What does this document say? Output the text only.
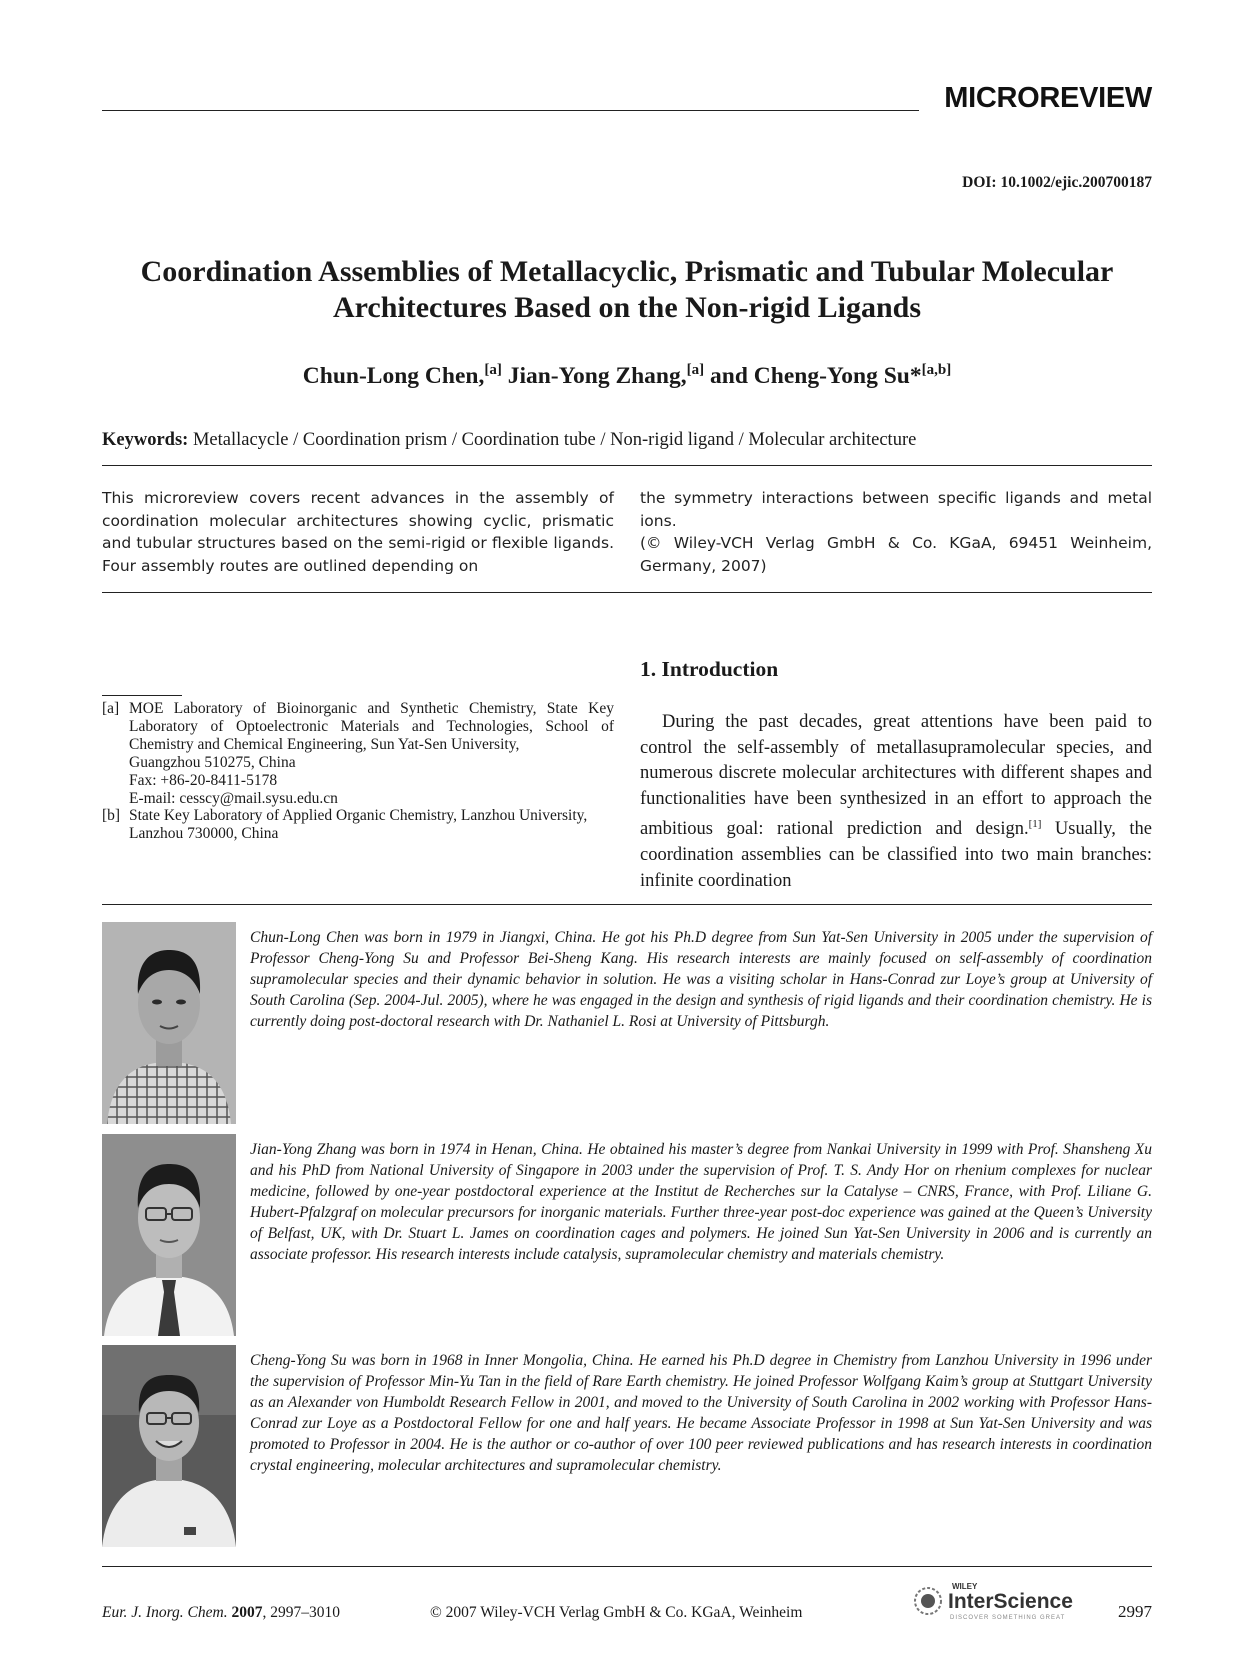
MICROREVIEW
DOI: 10.1002/ejic.200700187
Coordination Assemblies of Metallacyclic, Prismatic and Tubular Molecular Architectures Based on the Non-rigid Ligands
Chun-Long Chen,[a] Jian-Yong Zhang,[a] and Cheng-Yong Su*[a,b]
Keywords: Metallacycle / Coordination prism / Coordination tube / Non-rigid ligand / Molecular architecture
This microreview covers recent advances in the assembly of coordination molecular architectures showing cyclic, prismatic and tubular structures based on the semi-rigid or flexible ligands. Four assembly routes are outlined depending on
the symmetry interactions between specific ligands and metal ions.
(© Wiley-VCH Verlag GmbH & Co. KGaA, 69451 Weinheim, Germany, 2007)
1. Introduction
During the past decades, great attentions have been paid to control the self-assembly of metallasupramolecular species, and numerous discrete molecular architectures with different shapes and functionalities have been synthesized in an effort to approach the ambitious goal: rational prediction and design.[1] Usually, the coordination assemblies can be classified into two main branches: infinite coordination
[a] MOE Laboratory of Bioinorganic and Synthetic Chemistry, State Key Laboratory of Optoelectronic Materials and Technologies, School of Chemistry and Chemical Engineering, Sun Yat-Sen University,
Guangzhou 510275, China
Fax: +86-20-8411-5178
E-mail: cesscy@mail.sysu.edu.cn
[b] State Key Laboratory of Applied Organic Chemistry, Lanzhou University,
Lanzhou 730000, China
Chun-Long Chen was born in 1979 in Jiangxi, China. He got his Ph.D degree from Sun Yat-Sen University in 2005 under the supervision of Professor Cheng-Yong Su and Professor Bei-Sheng Kang. His research interests are mainly focused on self-assembly of coordination supramolecular species and their dynamic behavior in solution. He was a visiting scholar in Hans-Conrad zur Loye’s group at University of South Carolina (Sep. 2004-Jul. 2005), where he was engaged in the design and synthesis of rigid ligands and their coordination chemistry. He is currently doing post-doctoral research with Dr. Nathaniel L. Rosi at University of Pittsburgh.
Jian-Yong Zhang was born in 1974 in Henan, China. He obtained his master’s degree from Nankai University in 1999 with Prof. Shansheng Xu and his PhD from National University of Singapore in 2003 under the supervision of Prof. T. S. Andy Hor on rhenium complexes for nuclear medicine, followed by one-year postdoctoral experience at the Institut de Recherches sur la Catalyse – CNRS, France, with Prof. Liliane G. Hubert-Pfalzgraf on molecular precursors for inorganic materials. Further three-year post-doc experience was gained at the Queen’s University of Belfast, UK, with Dr. Stuart L. James on coordination cages and polymers. He joined Sun Yat-Sen University in 2006 and is currently an associate professor. His research interests include catalysis, supramolecular chemistry and materials chemistry.
Cheng-Yong Su was born in 1968 in Inner Mongolia, China. He earned his Ph.D degree in Chemistry from Lanzhou University in 1996 under the supervision of Professor Min-Yu Tan in the field of Rare Earth chemistry. He joined Professor Wolfgang Kaim’s group at Stuttgart University as an Alexander von Humboldt Research Fellow in 2001, and moved to the University of South Carolina in 2002 working with Professor Hans-Conrad zur Loye as a Postdoctoral Fellow for one and half years. He became Associate Professor in 1998 at Sun Yat-Sen University and was promoted to Professor in 2004. He is the author or co-author of over 100 peer reviewed publications and has research interests in coordination crystal engineering, molecular architectures and supramolecular chemistry.
Eur. J. Inorg. Chem. 2007, 2997–3010	© 2007 Wiley-VCH Verlag GmbH & Co. KGaA, Weinheim
WILEY
InterScience
DISCOVER SOMETHING GREAT	2997
